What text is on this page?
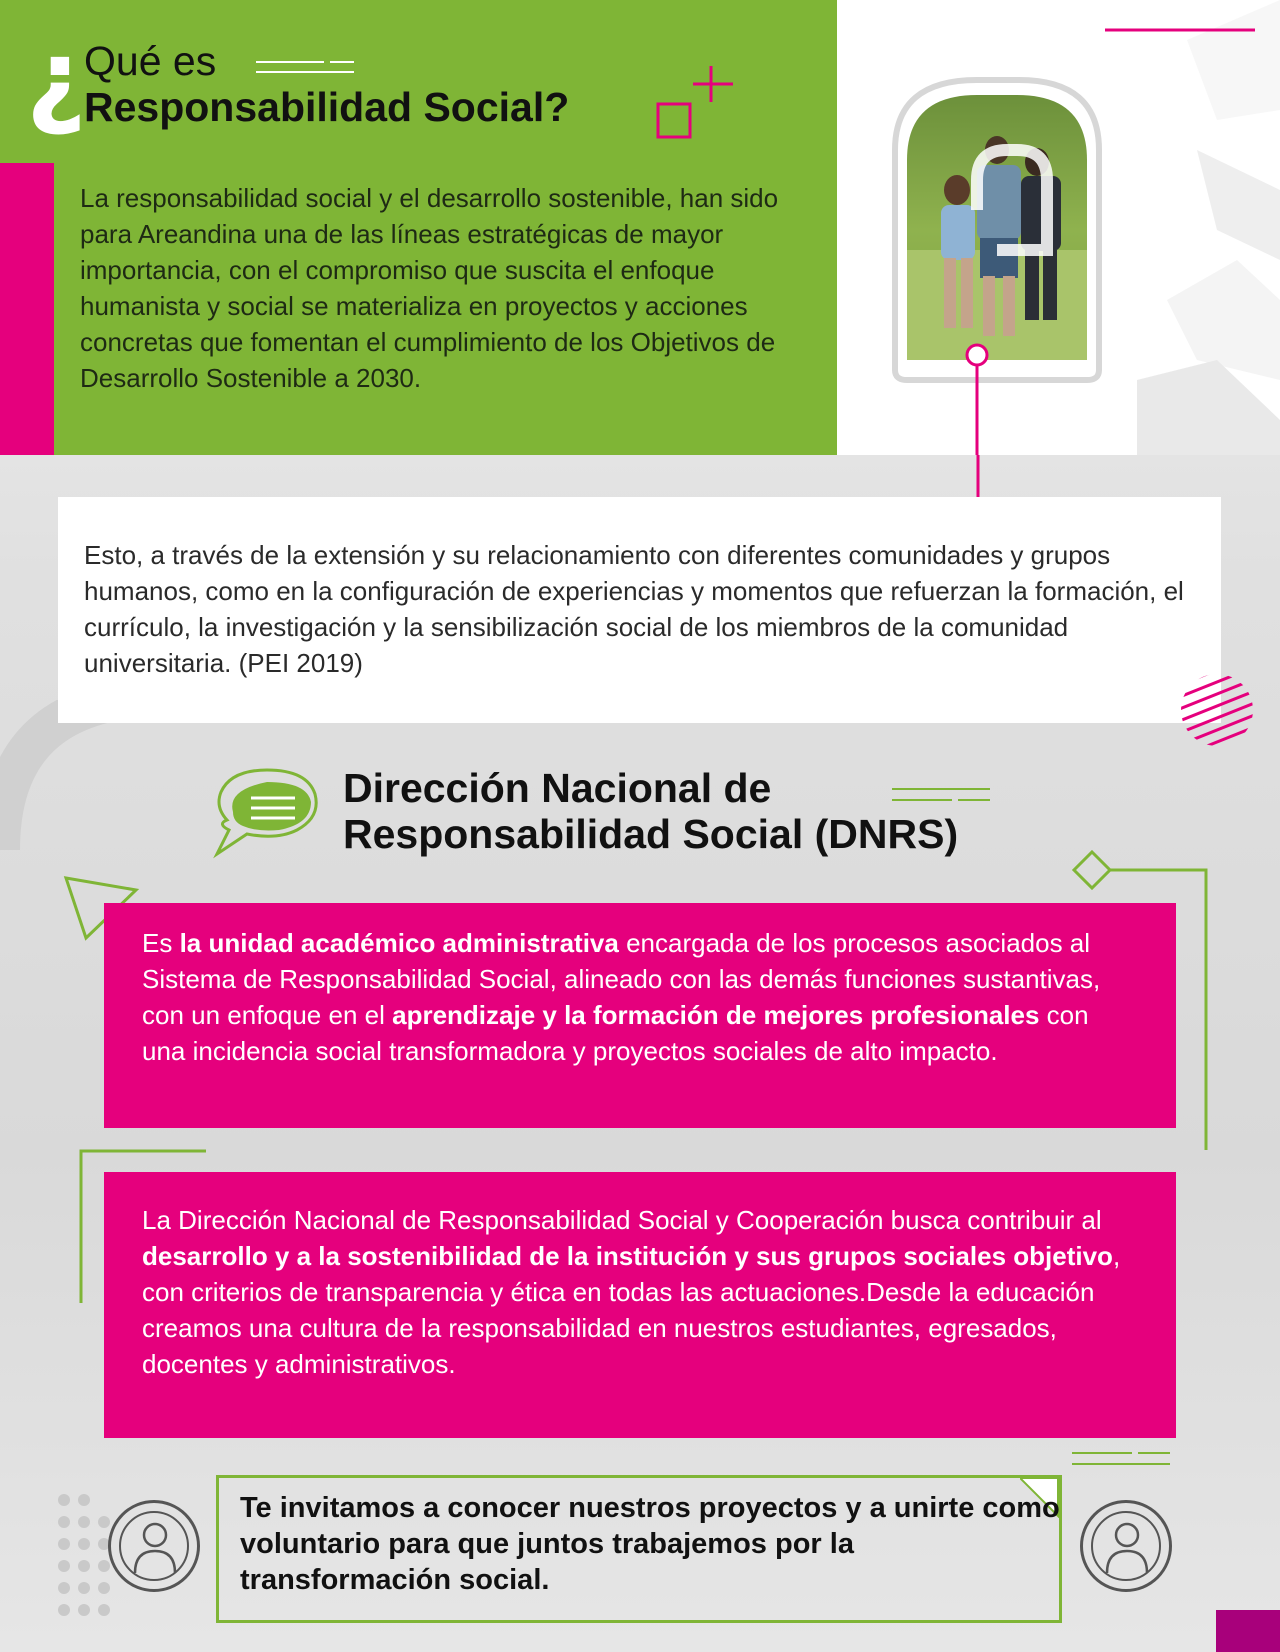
¿
Qué es
Responsabilidad Social?

La responsabilidad social y el desarrollo sostenible, han sido para Areandina una de las líneas estratégicas de mayor importancia, con el compromiso que suscita el enfoque humanista y social se materializa en proyectos y acciones concretas que fomentan el cumplimiento de los Objetivos de Desarrollo Sostenible a 2030.

Esto, a través de la extensión y su relacionamiento con diferentes comunidades y grupos humanos, como en la configuración de experiencias y momentos que refuerzan la formación, el currículo, la investigación y la sensibilización social de los miembros de la comunidad universitaria. (PEI 2019)

Dirección Nacional de
Responsabilidad Social (DNRS)
Es la unidad académico administrativa encargada de los procesos asociados al Sistema de Responsabilidad Social, alineado con las demás funciones sustantivas, con un enfoque en el aprendizaje y la formación de mejores profesionales con una incidencia social transformadora y proyectos sociales de alto impacto.
La Dirección Nacional de Responsabilidad Social y Cooperación busca contribuir al desarrollo y a la sostenibilidad de la institución y sus grupos sociales objetivo, con criterios de transparencia y ética en todas las actuaciones.Desde la educación creamos una cultura de la responsabilidad en nuestros estudiantes, egresados, docentes y administrativos.

Te invitamos a conocer nuestros proyectos y a unirte como voluntario para que juntos trabajemos por la transformación social.
